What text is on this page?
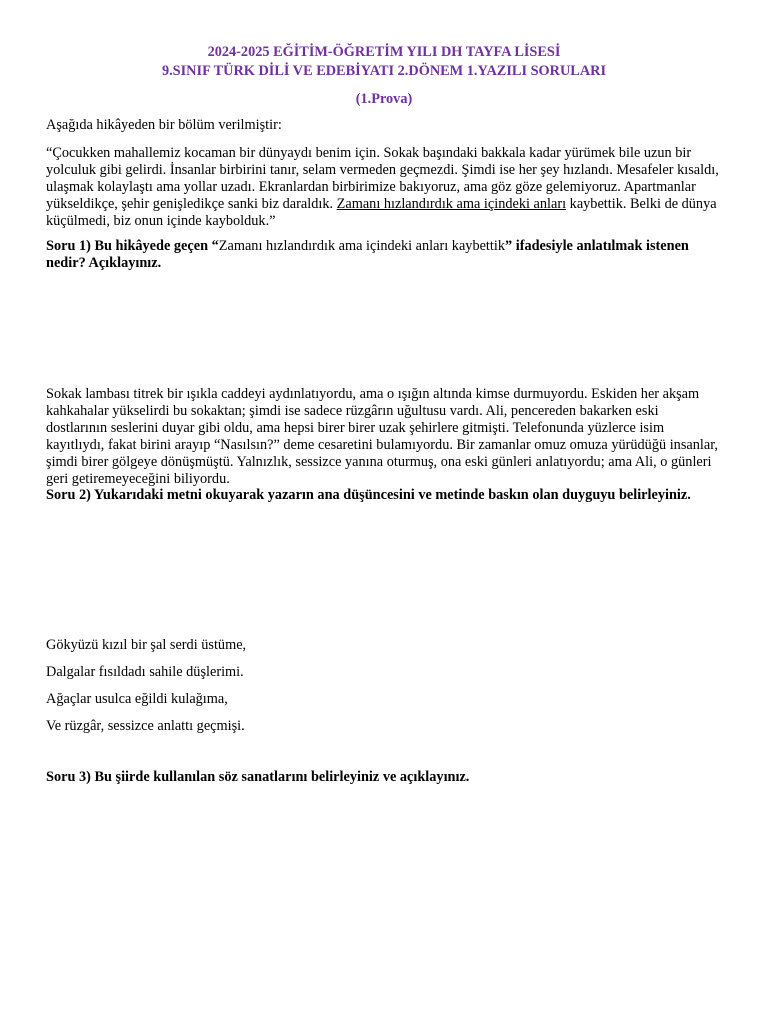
2024-2025 EĞİTİM-ÖĞRETİM YILI DH TAYFA LİSESİ
9.SINIF TÜRK DİLİ VE EDEBİYATI 2.DÖNEM 1.YAZILI SORULARI
(1.Prova)

Aşağıda hikâyeden bir bölüm verilmiştir:

“Çocukken mahallemiz kocaman bir dünyaydı benim için. Sokak başındaki bakkala kadar yürümek bile uzun bir yolculuk gibi gelirdi. İnsanlar birbirini tanır, selam vermeden geçmezdi. Şimdi ise her şey hızlandı. Mesafeler kısaldı, ulaşmak kolaylaştı ama yollar uzadı. Ekranlardan birbirimize bakıyoruz, ama göz göze gelemiyoruz. Apartmanlar yükseldikçe, şehir genişledikçe sanki biz daraldık. Zamanı hızlandırdık ama içindeki anları kaybettik. Belki de dünya küçülmedi, biz onun içinde kaybolduk.”

Soru 1) Bu hikâyede geçen “Zamanı hızlandırdık ama içindeki anları kaybettik” ifadesiyle anlatılmak istenen nedir? Açıklayınız.

Sokak lambası titrek bir ışıkla caddeyi aydınlatıyordu, ama o ışığın altında kimse durmuyordu. Eskiden her akşam kahkahalar yükselirdi bu sokaktan; şimdi ise sadece rüzgârın uğultusu vardı. Ali, pencereden bakarken eski dostlarının seslerini duyar gibi oldu, ama hepsi birer birer uzak şehirlere gitmişti. Telefonunda yüzlerce isim kayıtlıydı, fakat birini arayıp “Nasılsın?” deme cesaretini bulamıyordu. Bir zamanlar omuz omuza yürüdüğü insanlar, şimdi birer gölgeye dönüşmüştü. Yalnızlık, sessizce yanına oturmuş, ona eski günleri anlatıyordu; ama Ali, o günleri geri getiremeyeceğini biliyordu.

Soru 2) Yukarıdaki metni okuyarak yazarın ana düşüncesini ve metinde baskın olan duyguyu belirleyiniz.

Gökyüzü kızıl bir şal serdi üstüme,

Dalgalar fısıldadı sahile düşlerimi.

Ağaçlar usulca eğildi kulağıma,

Ve rüzgâr, sessizce anlattı geçmişi.

Soru 3) Bu şiirde kullanılan söz sanatlarını belirleyiniz ve açıklayınız.
